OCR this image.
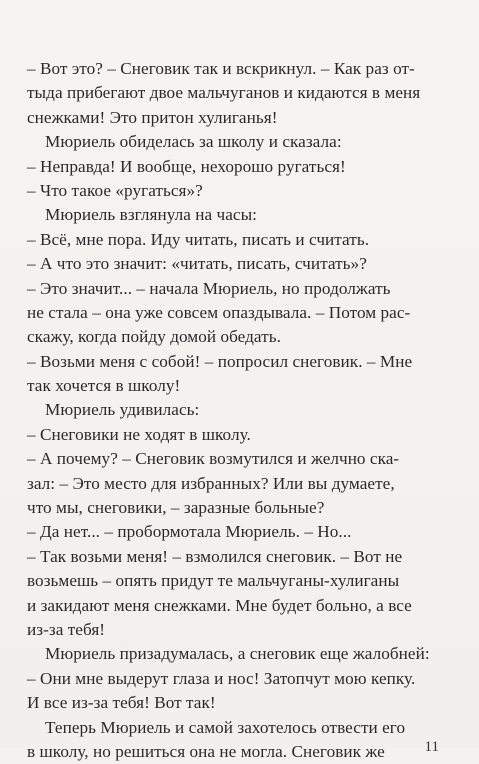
– Вот это? – Снеговик так и вскрикнул. – Как раз от-
тыда прибегают двое мальчуганов и кидаются в меня
снежками! Это притон хулиганья!
Мюриель обиделась за школу и сказала:
– Неправда! И вообще, нехорошо ругаться!
– Что такое «ругаться»?
Мюриель взглянула на часы:
– Всё, мне пора. Иду читать, писать и считать.
– А что это значит: «читать, писать, считать»?
– Это значит... – начала Мюриель, но продолжать
не стала – она уже совсем опаздывала. – Потом рас-
скажу, когда пойду домой обедать.
– Возьми меня с собой! – попросил снеговик. – Мне
так хочется в школу!
Мюриель удивилась:
– Снеговики не ходят в школу.
– А почему? – Снеговик возмутился и желчно ска-
зал: – Это место для избранных? Или вы думаете,
что мы, снеговики, – заразные больные?
– Да нет... – пробормотала Мюриель. – Но...
– Так возьми меня! – взмолился снеговик. – Вот не
возьмешь – опять придут те мальчуганы-хулиганы
и закидают меня снежками. Мне будет больно, а все
из-за тебя!
Мюриель призадумалась, а снеговик еще жалобней:
– Они мне выдерут глаза и нос! Затопчут мою кепку.
И все из-за тебя! Вот так!
Теперь Мюриель и самой захотелось отвести его
в школу, но решиться она не могла. Снеговик же	11
